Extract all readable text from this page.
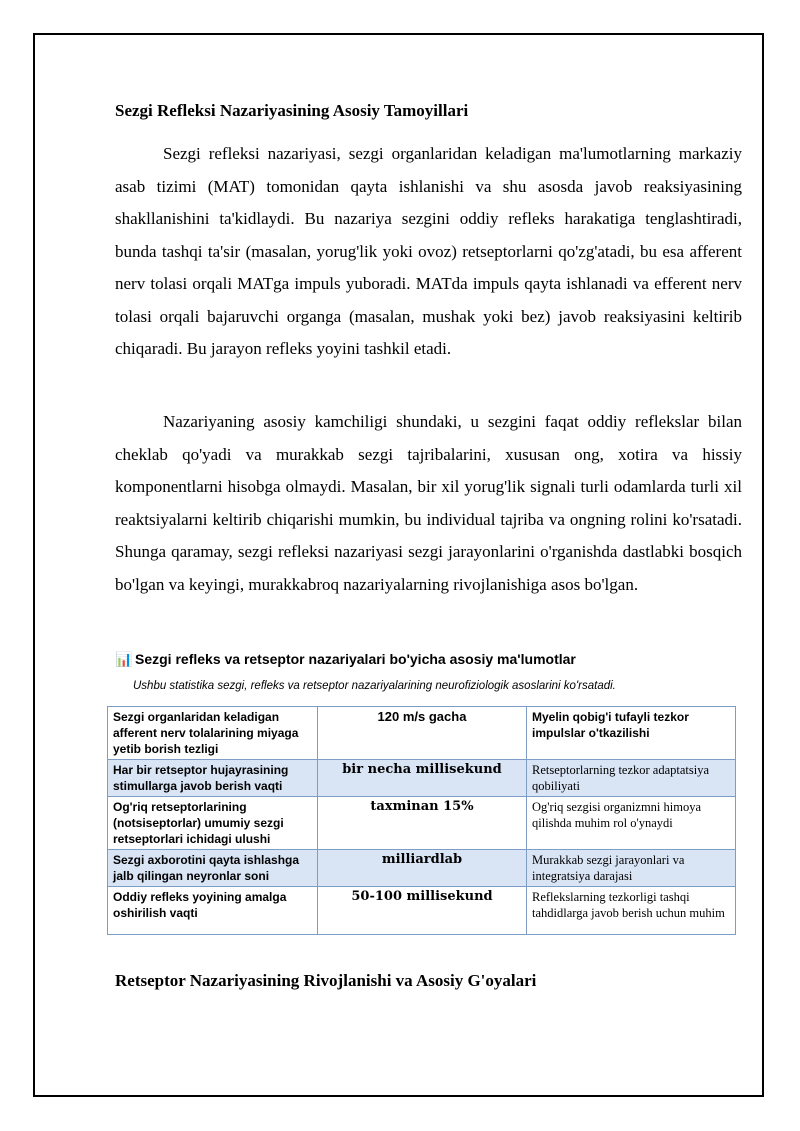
Sezgi Refleksi Nazariyasining Asosiy Tamoyillari

Sezgi refleksi nazariyasi, sezgi organlaridan keladigan ma'lumotlarning markaziy asab tizimi (MAT) tomonidan qayta ishlanishi va shu asosda javob reaksiyasining shakllanishini ta'kidlaydi. Bu nazariya sezgini oddiy refleks harakatiga tenglashtiradi, bunda tashqi ta'sir (masalan, yorug'lik yoki ovoz) retseptorlarni qo'zg'atadi, bu esa afferent nerv tolasi orqali MATga impuls yuboradi. MATda impuls qayta ishlanadi va efferent nerv tolasi orqali bajaruvchi organga (masalan, mushak yoki bez) javob reaksiyasini keltirib chiqaradi. Bu jarayon refleks yoyini tashkil etadi.

Nazariyaning asosiy kamchiligi shundaki, u sezgini faqat oddiy reflekslar bilan cheklab qo'yadi va murakkab sezgi tajribalarini, xususan ong, xotira va hissiy komponentlarni hisobga olmaydi. Masalan, bir xil yorug'lik signali turli odamlarda turli xil reaktsiyalarni keltirib chiqarishi mumkin, bu individual tajriba va ongning rolini ko'rsatadi. Shunga qaramay, sezgi refleksi nazariyasi sezgi jarayonlarini o'rganishda dastlabki bosqich bo'lgan va keyingi, murakkabroq nazariyalarning rivojlanishiga asos bo'lgan.

📊 Sezgi refleks va retseptor nazariyalari bo'yicha asosiy ma'lumotlar
Ushbu statistika sezgi, refleks va retseptor nazariyalarining neurofiziologik asoslarini ko'rsatadi.
Sezgi organlaridan keladigan afferent nerv tolalarining miyaga yetib borish tezligi	120 m/s gacha	Myelin qobig'i tufayli tezkor impulslar o'tkazilishi
Har bir retseptor hujayrasining stimullarga javob berish vaqti	bir necha millisekund	Retseptorlarning tezkor adaptatsiya qobiliyati
Og'riq retseptorlarining (notsiseptorlar) umumiy sezgi retseptorlari ichidagi ulushi	taxminan 15%	Og'riq sezgisi organizmni himoya qilishda muhim rol o'ynaydi
Sezgi axborotini qayta ishlashga jalb qilingan neyronlar soni	milliardlab	Murakkab sezgi jarayonlari va integratsiya darajasi
Oddiy refleks yoyining amalga oshirilish vaqti	50-100 millisekund	Reflekslarning tezkorligi tashqi tahdidlarga javob berish uchun muhim
Retseptor Nazariyasining Rivojlanishi va Asosiy G'oyalari
